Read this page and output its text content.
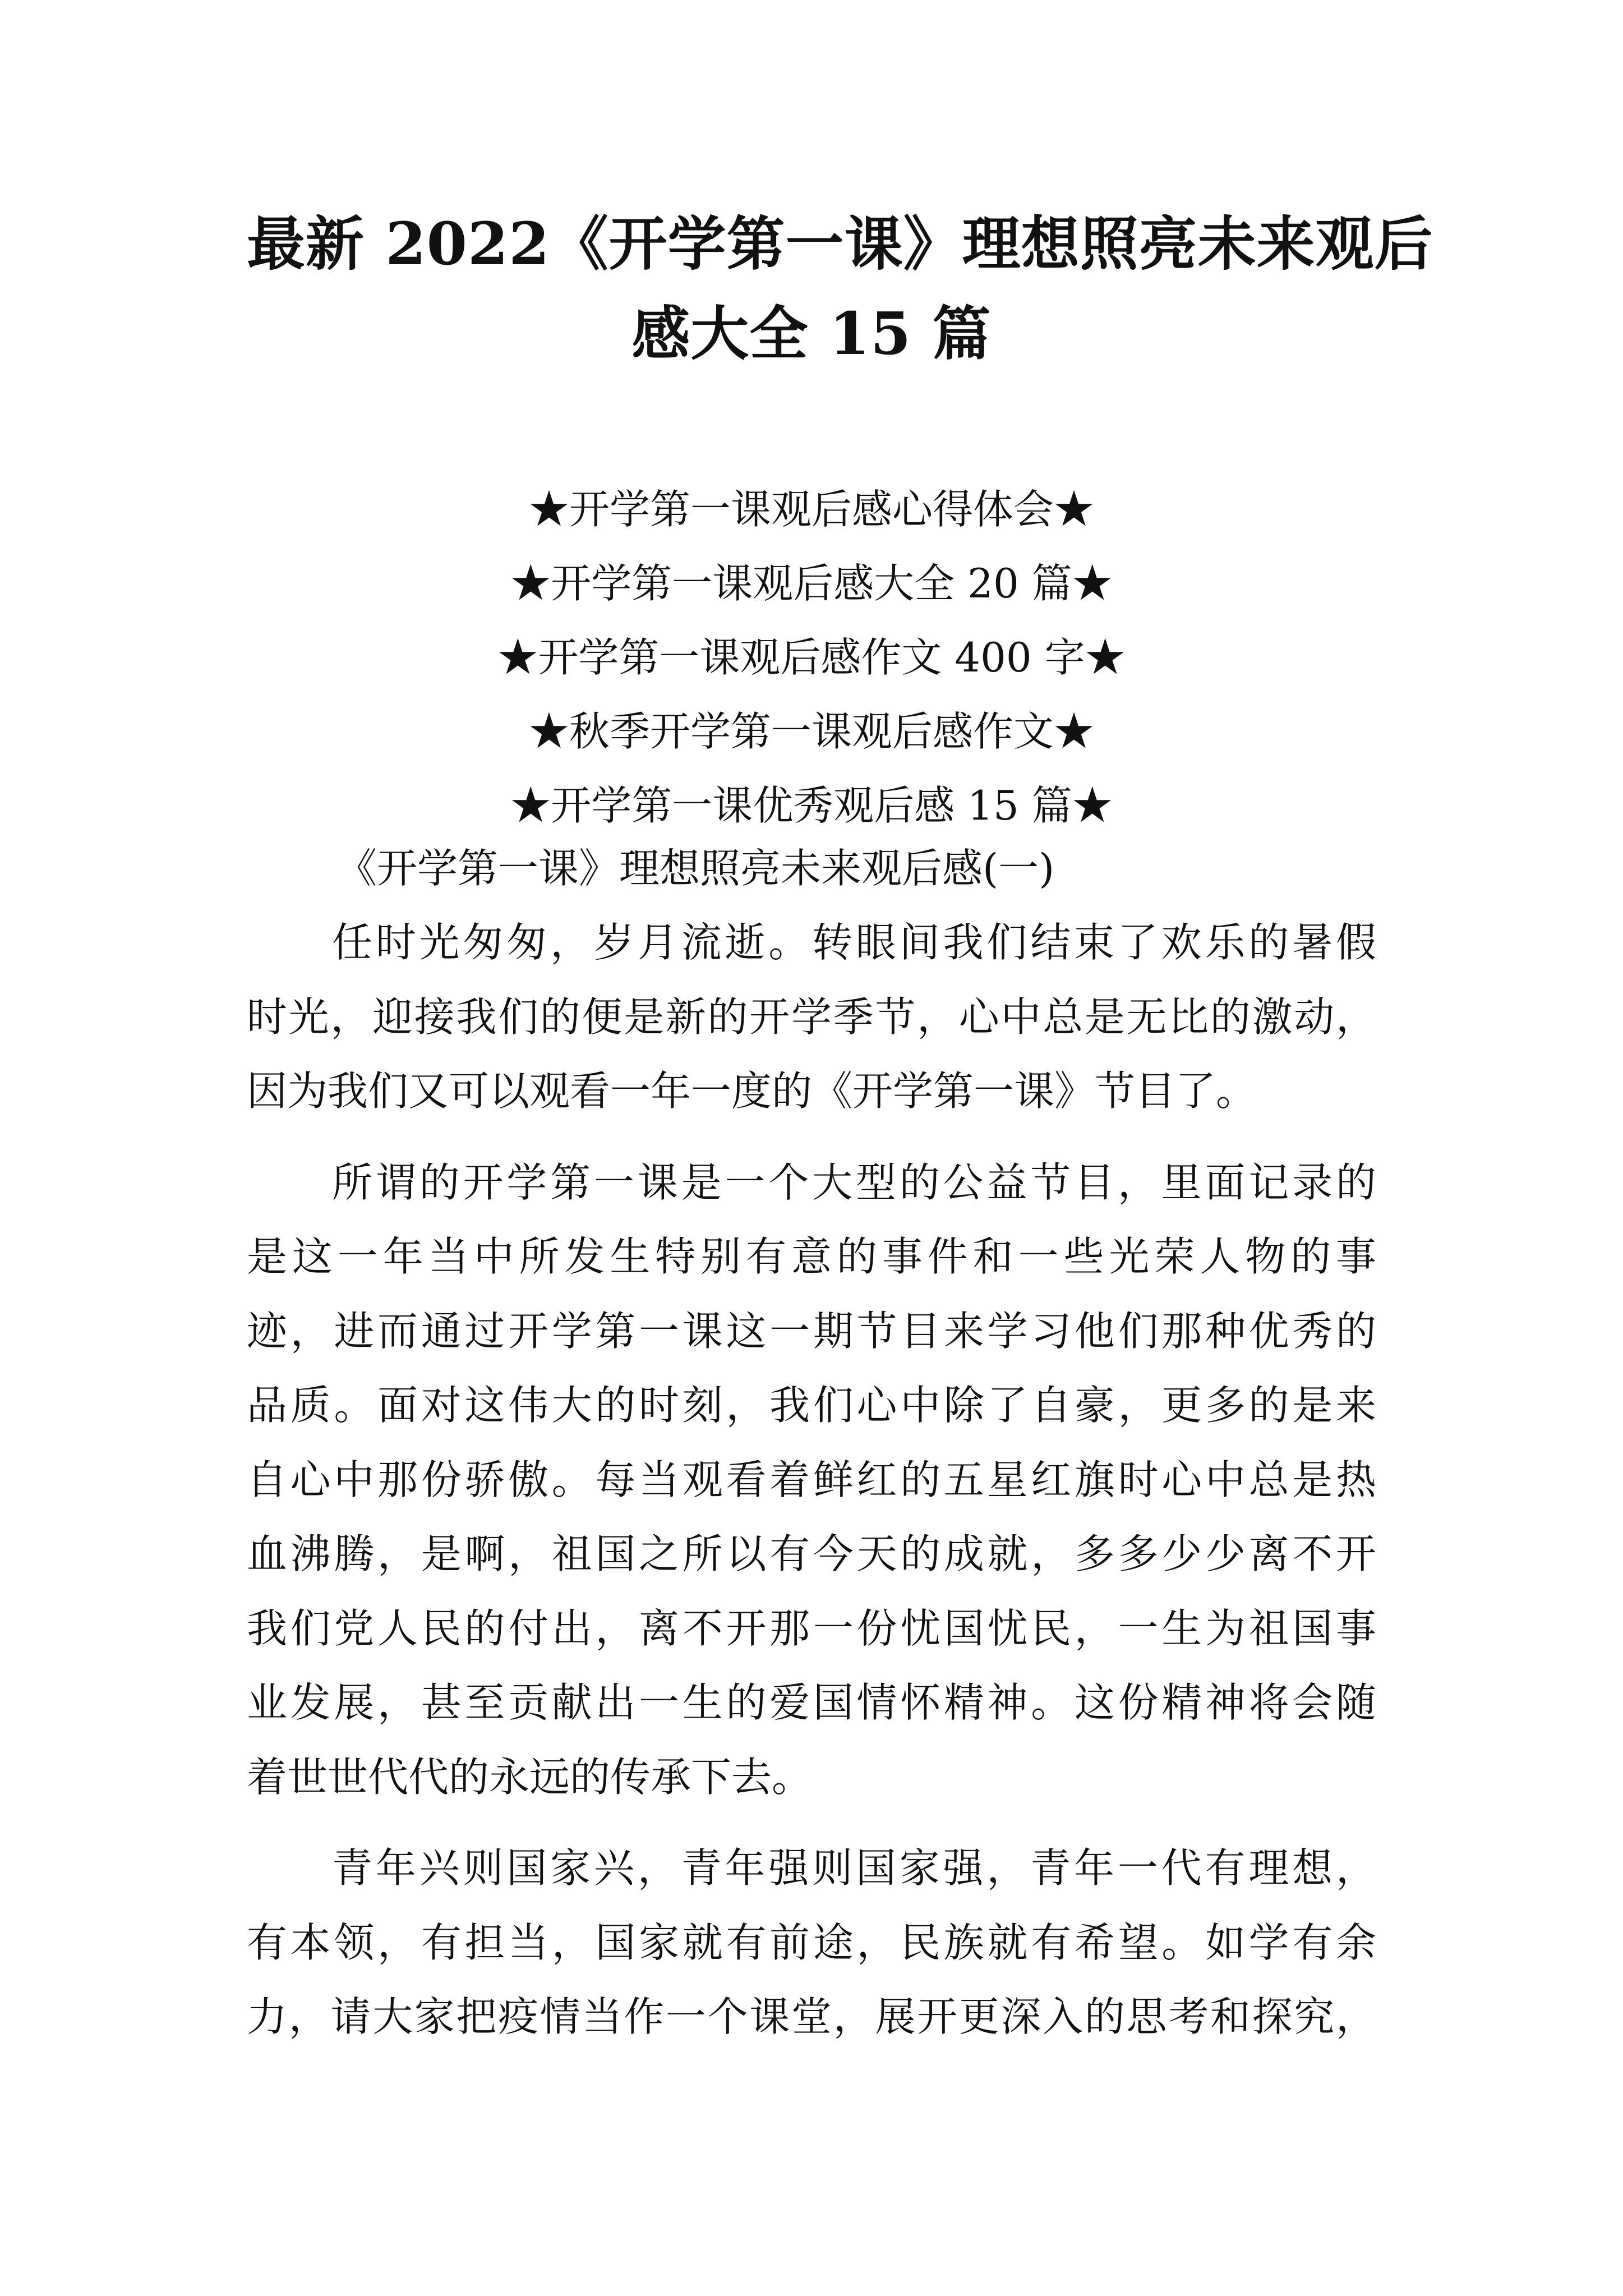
最新 2022《开学第一课》理想照亮未来观后
感大全 15 篇
★开学第一课观后感心得体会★
★开学第一课观后感大全 20 篇★
★开学第一课观后感作文 400 字★
★秋季开学第一课观后感作文★
★开学第一课优秀观后感 15 篇★

《开学第一课》理想照亮未来观后感(一)

任时光匆匆，岁月流逝。转眼间我们结束了欢乐的暑假
时光，迎接我们的便是新的开学季节，心中总是无比的激动，
因为我们又可以观看一年一度的《开学第一课》节目了。

所谓的开学第一课是一个大型的公益节目，里面记录的
是这一年当中所发生特别有意的事件和一些光荣人物的事
迹，进而通过开学第一课这一期节目来学习他们那种优秀的
品质。面对这伟大的时刻，我们心中除了自豪，更多的是来
自心中那份骄傲。每当观看着鲜红的五星红旗时心中总是热
血沸腾，是啊，祖国之所以有今天的成就，多多少少离不开
我们党人民的付出，离不开那一份忧国忧民，一生为祖国事
业发展，甚至贡献出一生的爱国情怀精神。这份精神将会随
着世世代代的永远的传承下去。

青年兴则国家兴，青年强则国家强，青年一代有理想，
有本领，有担当，国家就有前途，民族就有希望。如学有余
力，请大家把疫情当作一个课堂，展开更深入的思考和探究，
